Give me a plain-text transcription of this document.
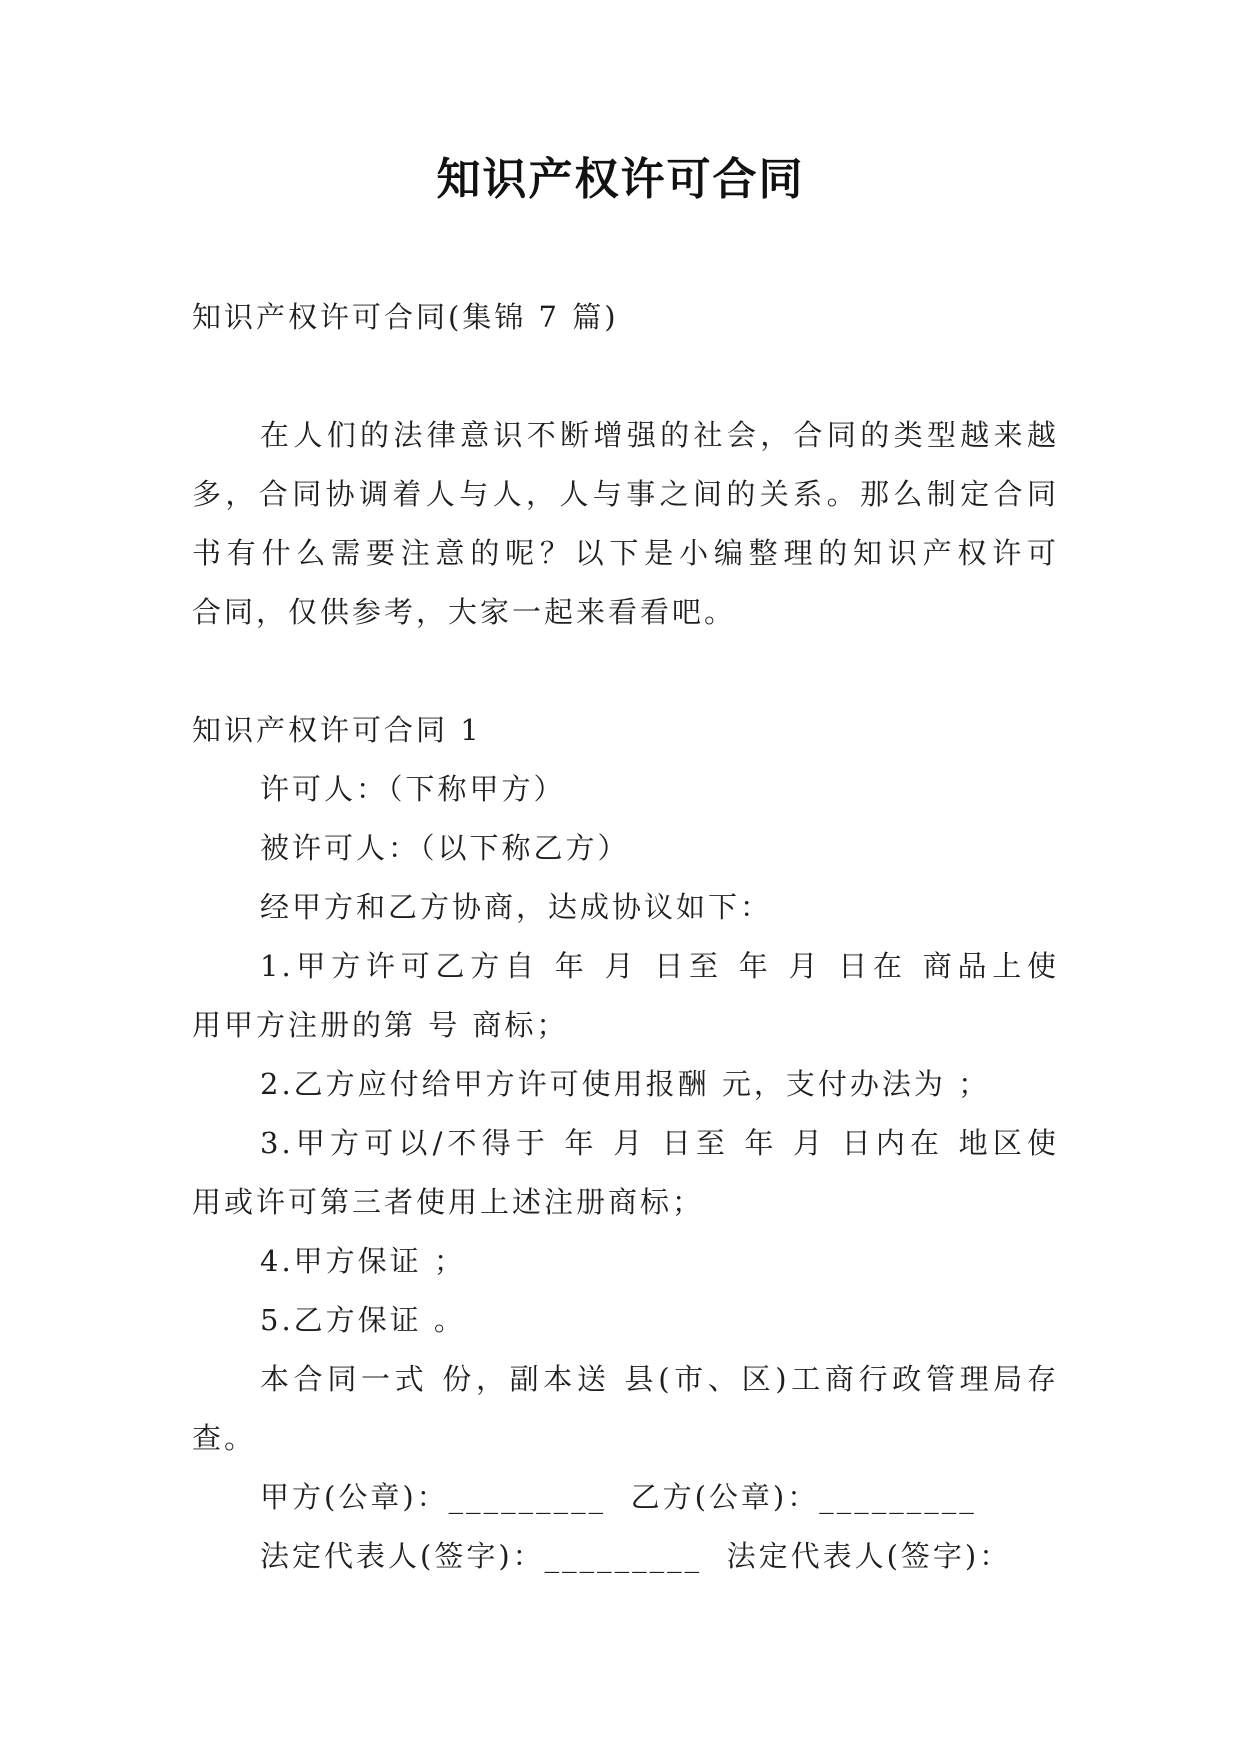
知识产权许可合同
知识产权许可合同(集锦 7 篇)
在人们的法律意识不断增强的社会，合同的类型越来越
多，合同协调着人与人，人与事之间的关系。那么制定合同
书有什么需要注意的呢？以下是小编整理的知识产权许可
合同，仅供参考，大家一起来看看吧。
知识产权许可合同 1
许可人：（下称甲方）
被许可人：（以下称乙方）
经甲方和乙方协商，达成协议如下：
1.甲方许可乙方自 年 月 日至 年 月 日在 商品上使
用甲方注册的第 号 商标；
2.乙方应付给甲方许可使用报酬 元，支付办法为 ；
3.甲方可以/不得于 年 月 日至 年 月 日内在 地区使
用或许可第三者使用上述注册商标；
4.甲方保证 ；
5.乙方保证 。
本合同一式 份，副本送 县(市、区)工商行政管理局存
查。
甲方(公章)：_________  乙方(公章)：_________
法定代表人(签字)：_________  法定代表人(签字)：
